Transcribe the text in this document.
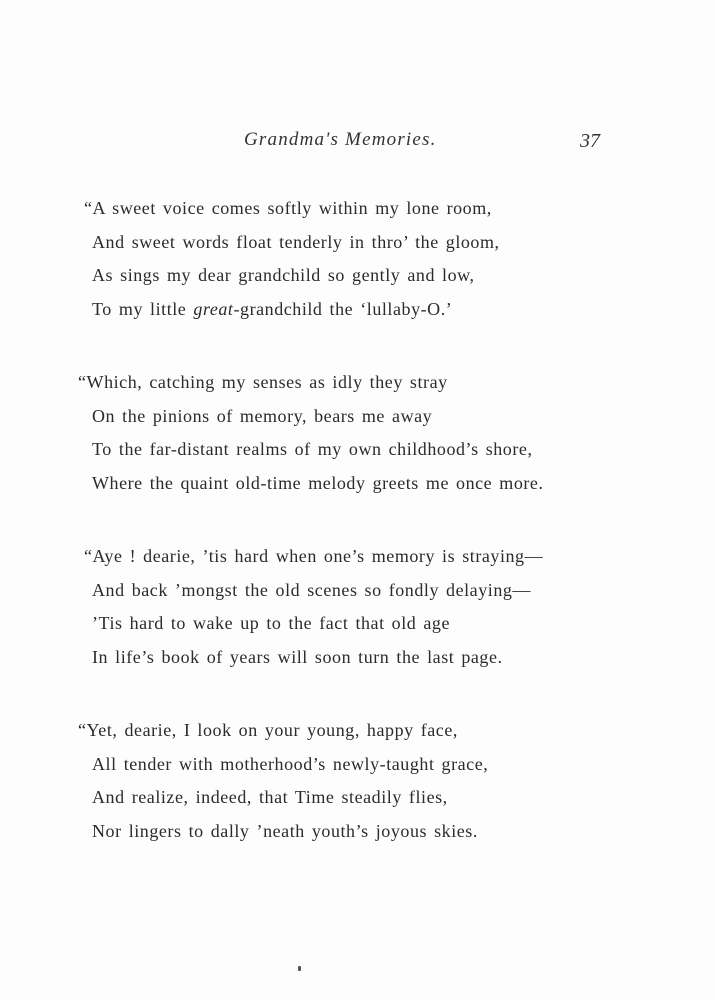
Grandma's Memories.	37
“A sweet voice comes softly within my lone room,
And sweet words float tenderly in thro’ the gloom,
As sings my dear grandchild so gently and low,
To my little great-grandchild the ‘lullaby-O.’
“Which, catching my senses as idly they stray
On the pinions of memory, bears me away
To the far-distant realms of my own childhood’s shore,
Where the quaint old-time melody greets me once more.
“Aye ! dearie, ’tis hard when one’s memory is straying—
And back ’mongst the old scenes so fondly delaying—
’Tis hard to wake up to the fact that old age
In life’s book of years will soon turn the last page.
“Yet, dearie, I look on your young, happy face,
All tender with motherhood’s newly-taught grace,
And realize, indeed, that Time steadily flies,
Nor lingers to dally ’neath youth’s joyous skies.
